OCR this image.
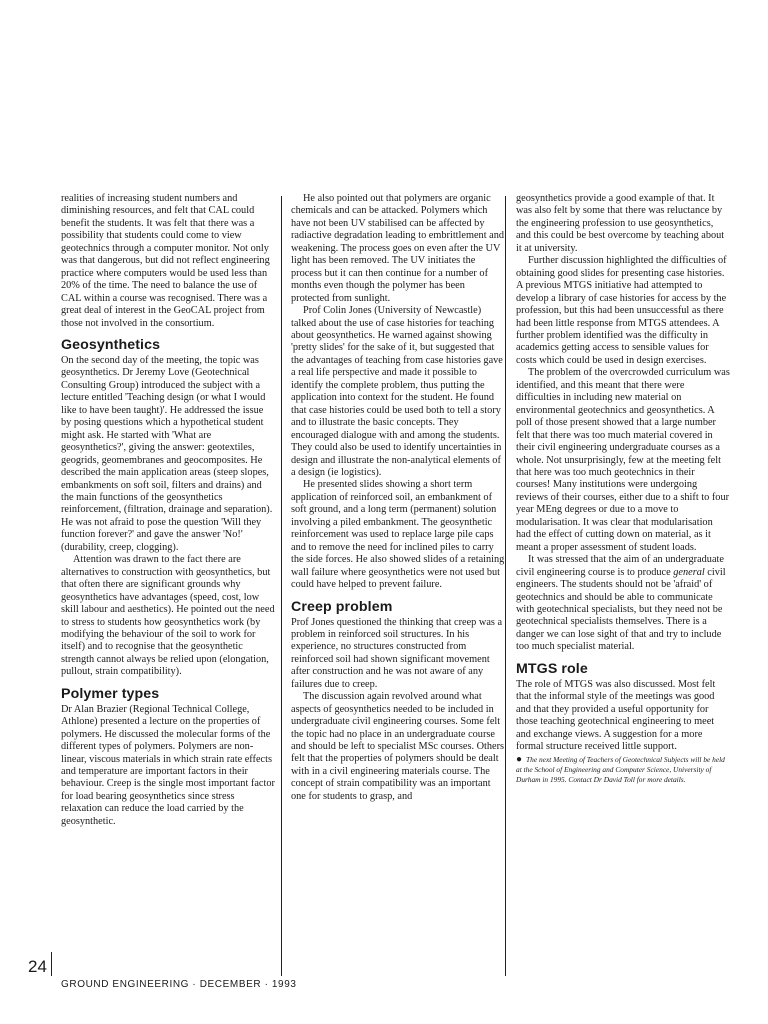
realities of increasing student numbers and diminishing resources, and felt that CAL could benefit the students. It was felt that there was a possibility that students could come to view geotechnics through a computer monitor. Not only was that dangerous, but did not reflect engineering practice where computers would be used less than 20% of the time. The need to balance the use of CAL within a course was recognised. There was a great deal of interest in the GeoCAL project from those not involved in the consortium.

Geosynthetics

On the second day of the meeting, the topic was geosynthetics. Dr Jeremy Love (Geotechnical Consulting Group) introduced the subject with a lecture entitled 'Teaching design (or what I would like to have been taught)'. He addressed the issue by posing questions which a hypothetical student might ask. He started with 'What are geosynthetics?', giving the answer: geotextiles, geogrids, geomembranes and geocomposites. He described the main application areas (steep slopes, embankments on soft soil, filters and drains) and the main functions of the geosynthetics reinforcement, (filtration, drainage and separation). He was not afraid to pose the question 'Will they function forever?' and gave the answer 'No!' (durability, creep, clogging).

Attention was drawn to the fact there are alternatives to construction with geosynthetics, but that often there are significant grounds why geosynthetics have advantages (speed, cost, low skill labour and aesthetics). He pointed out the need to stress to students how geosynthetics work (by modifying the behaviour of the soil to work for itself) and to recognise that the geosynthetic strength cannot always be relied upon (elongation, pullout, strain compatibility).

Polymer types

Dr Alan Brazier (Regional Technical College, Athlone) presented a lecture on the properties of polymers. He discussed the molecular forms of the different types of polymers. Polymers are non-linear, viscous materials in which strain rate effects and temperature are important factors in their behaviour. Creep is the single most important factor for load bearing geosynthetics since stress relaxation can reduce the load carried by the geosynthetic.

He also pointed out that polymers are organic chemicals and can be attacked. Polymers which have not been UV stabilised can be affected by radiactive degradation leading to embrittlement and weakening. The process goes on even after the UV light has been removed. The UV initiates the process but it can then continue for a number of months even though the polymer has been protected from sunlight.

Prof Colin Jones (University of Newcastle) talked about the use of case histories for teaching about geosynthetics. He warned against showing 'pretty slides' for the sake of it, but suggested that the advantages of teaching from case histories gave a real life perspective and made it possible to identify the complete problem, thus putting the application into context for the student. He found that case histories could be used both to tell a story and to illustrate the basic concepts. They encouraged dialogue with and among the students. They could also be used to identify uncertainties in design and illustrate the non-analytical elements of a design (ie logistics).

He presented slides showing a short term application of reinforced soil, an embankment of soft ground, and a long term (permanent) solution involving a piled embankment. The geosynthetic reinforcement was used to replace large pile caps and to remove the need for inclined piles to carry the side forces. He also showed slides of a retaining wall failure where geosynthetics were not used but could have helped to prevent failure.

Creep problem

Prof Jones questioned the thinking that creep was a problem in reinforced soil structures. In his experience, no structures constructed from reinforced soil had shown significant movement after construction and he was not aware of any failures due to creep.

The discussion again revolved around what aspects of geosynthetics needed to be included in undergraduate civil engineering courses. Some felt the topic had no place in an undergraduate course and should be left to specialist MSc courses. Others felt that the properties of polymers should be dealt with in a civil engineering materials course. The concept of strain compatibility was an important one for students to grasp, and

geosynthetics provide a good example of that. It was also felt by some that there was reluctance by the engineering profession to use geosynthetics, and this could be best overcome by teaching about it at university.

Further discussion highlighted the difficulties of obtaining good slides for presenting case histories. A previous MTGS initiative had attempted to develop a library of case histories for access by the profession, but this had been unsuccessful as there had been little response from MTGS attendees. A further problem identified was the difficulty in academics getting access to sensible values for costs which could be used in design exercises.

The problem of the overcrowded curriculum was identified, and this meant that there were difficulties in including new material on environmental geotechnics and geosynthetics. A poll of those present showed that a large number felt that there was too much material covered in their civil engineering undergraduate courses as a whole. Not unsurprisingly, few at the meeting felt that here was too much geotechnics in their courses! Many institutions were undergoing reviews of their courses, either due to a shift to four year MEng degrees or due to a move to modularisation. It was clear that modularisation had the effect of cutting down on material, as it meant a proper assessment of student loads.

It was stressed that the aim of an undergraduate civil engineering course is to produce general civil engineers. The students should not be 'afraid' of geotechnics and should be able to communicate with geotechnical specialists, but they need not be geotechnical specialists themselves. There is a danger we can lose sight of that and try to include too much specialist material.

MTGS role

The role of MTGS was also discussed. Most felt that the informal style of the meetings was good and that they provided a useful opportunity for those teaching geotechnical engineering to meet and exchange views. A suggestion for a more formal structure received little support.

● The next Meeting of Teachers of Geotechnical Subjects will be held at the School of Engineering and Computer Science, University of Durham in 1995. Contact Dr David Toll for more details.

24
GROUND ENGINEERING · DECEMBER · 1993
